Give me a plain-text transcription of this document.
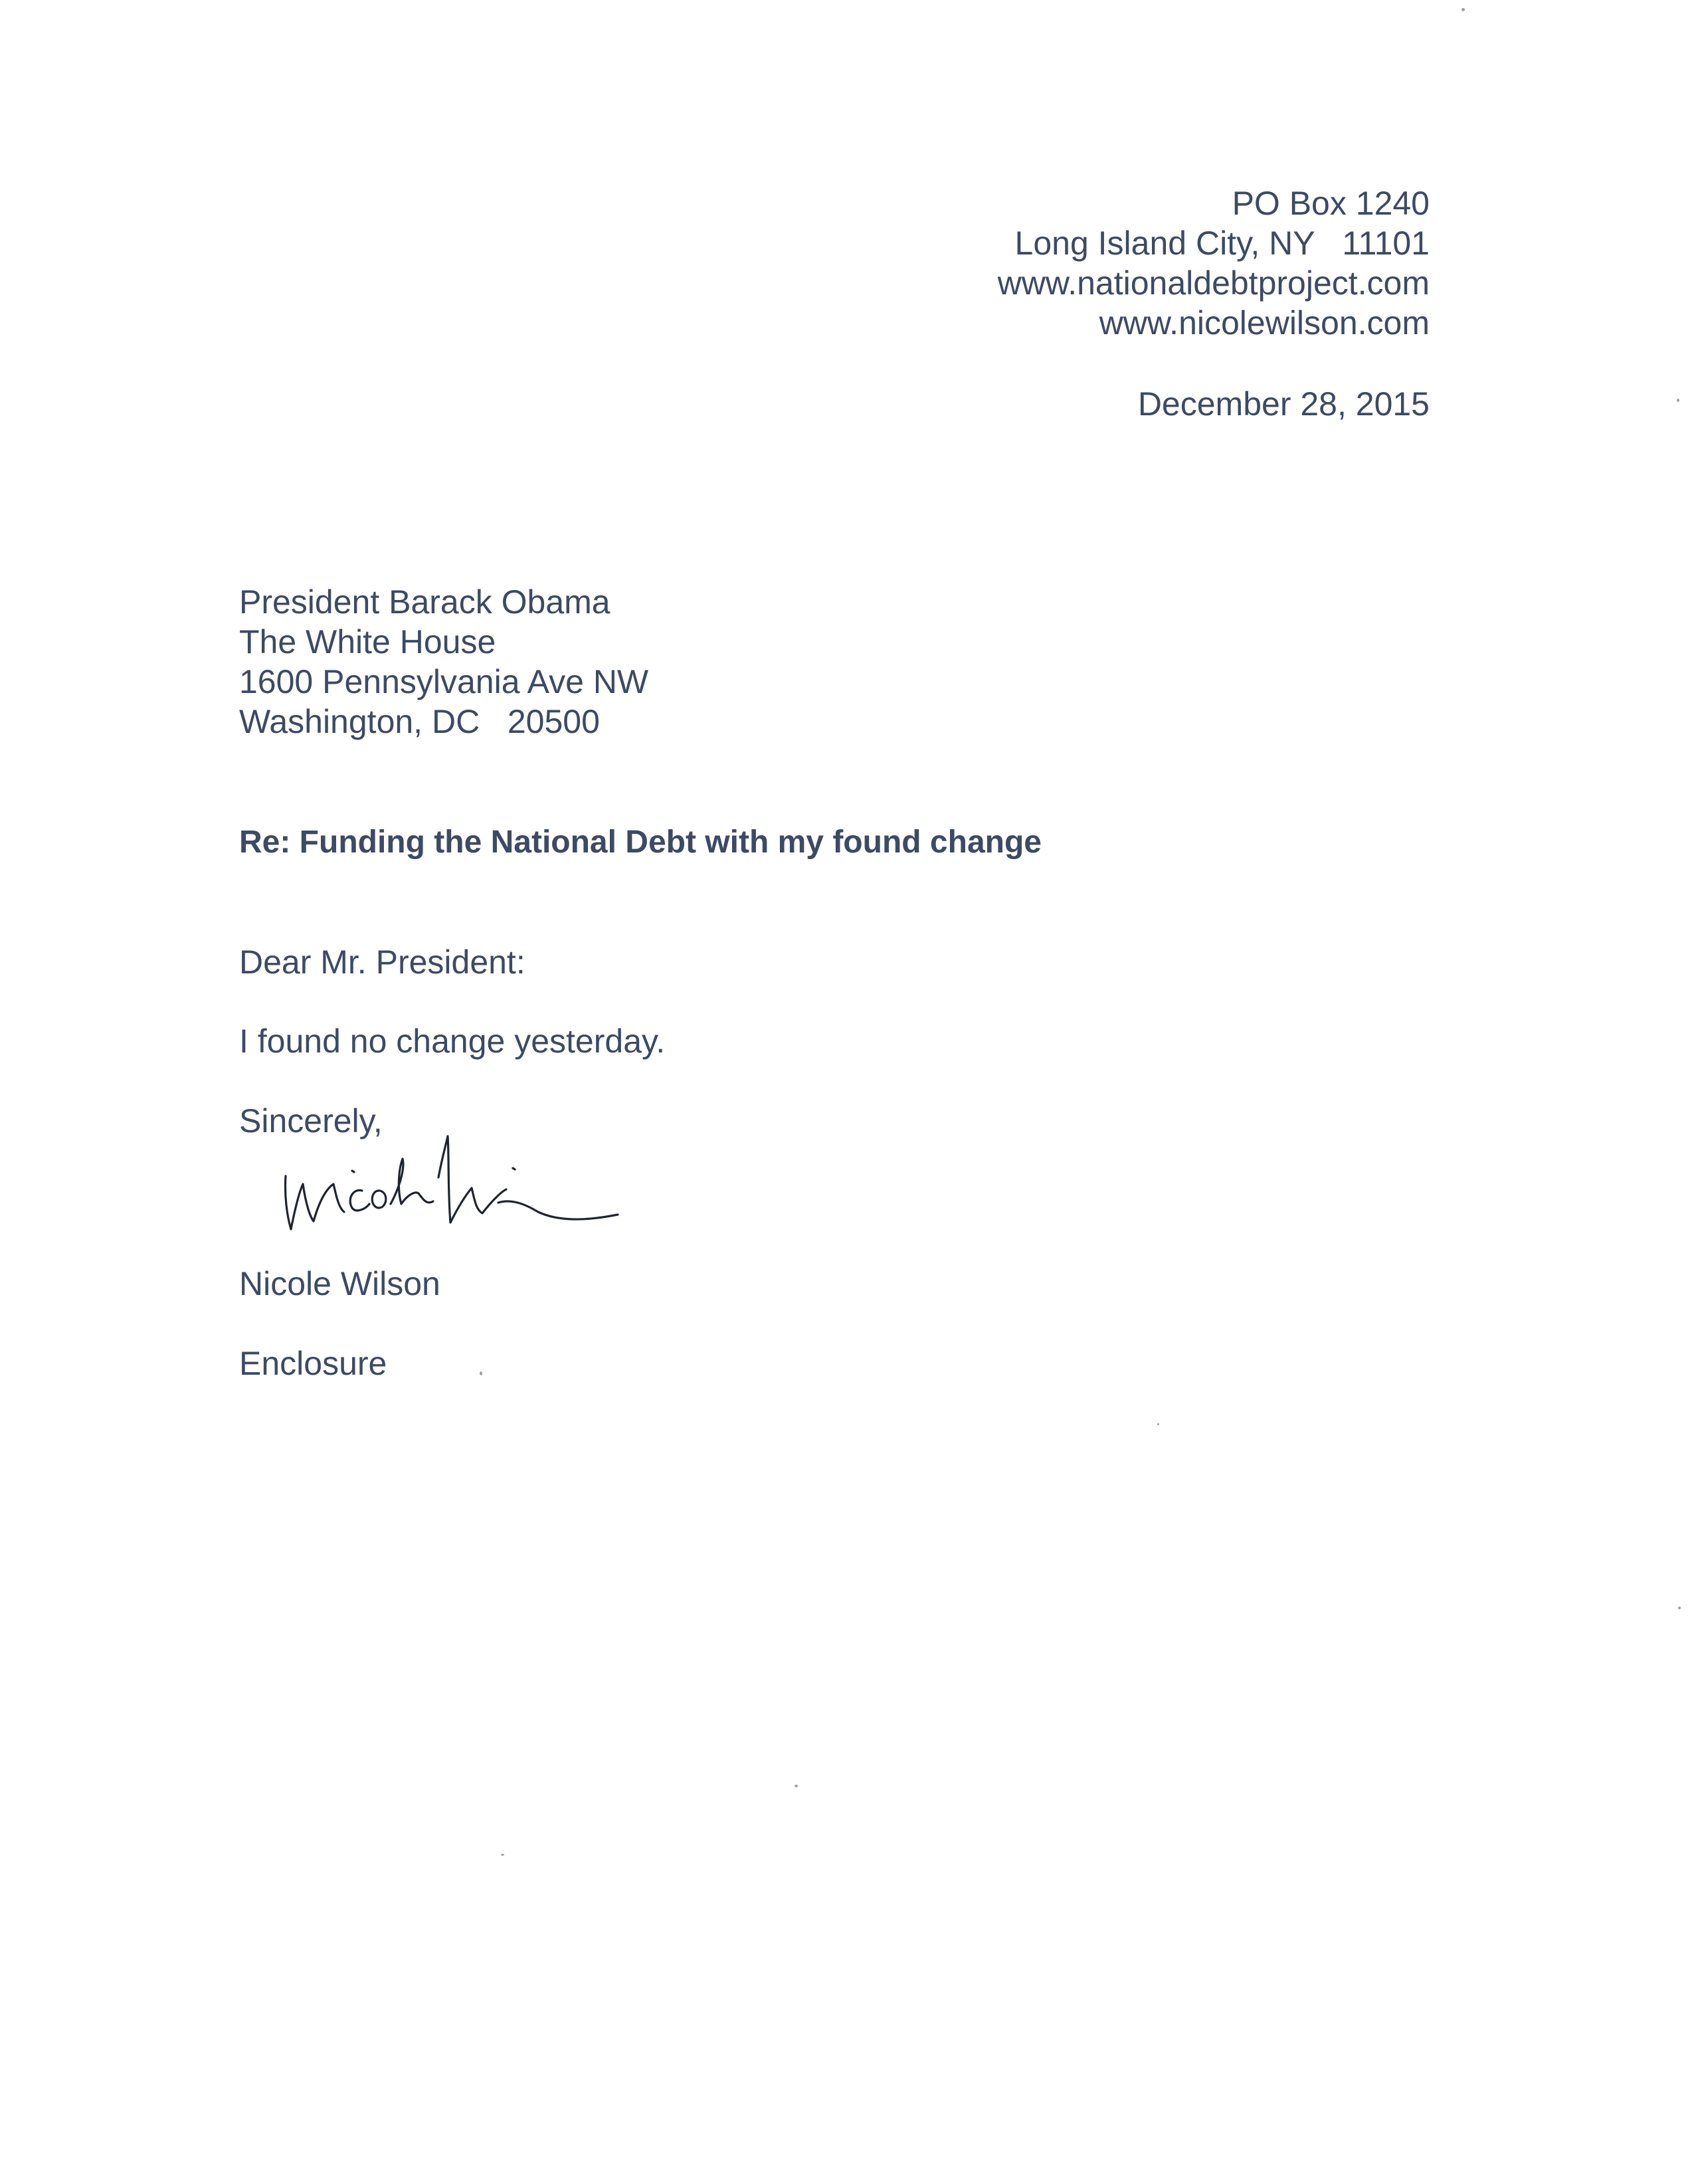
PO Box 1240
Long Island City, NY   11101
www.nationaldebtproject.com
www.nicolewilson.com
December 28, 2015
President Barack Obama
The White House
1600 Pennsylvania Ave NW
Washington, DC   20500
Re: Funding the National Debt with my found change
Dear Mr. President:
I found no change yesterday.
Sincerely,
Nicole Wilson
Enclosure
